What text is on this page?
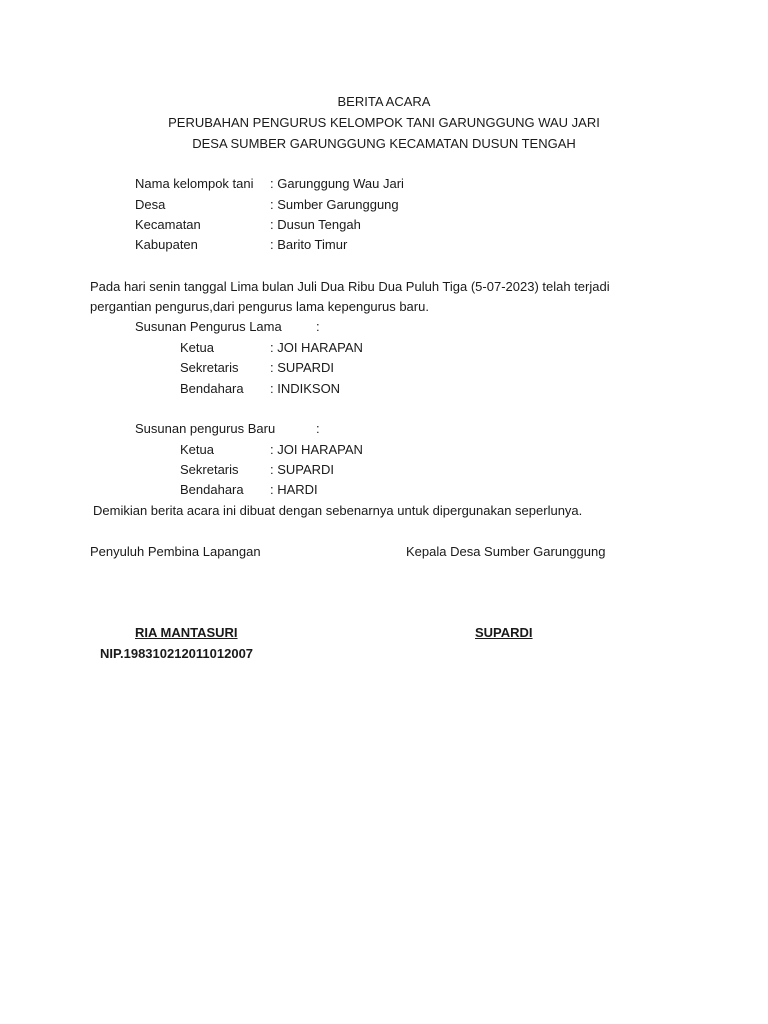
BERITA ACARA
PERUBAHAN PENGURUS KELOMPOK TANI GARUNGGUNG WAU JARI
DESA SUMBER GARUNGGUNG KECAMATAN DUSUN TENGAH
Nama kelompok tani : Garunggung Wau Jari
Desa	: Sumber Garunggung
Kecamatan	: Dusun Tengah
Kabupaten	: Barito Timur
Pada hari senin tanggal Lima bulan Juli Dua Ribu Dua Puluh Tiga (5-07-2023) telah terjadi
pergantian pengurus,dari pengurus lama kepengurus baru.
Susunan Pengurus Lama	:
Ketua	: JOI HARAPAN
Sekretaris : SUPARDI
Bendahara : INDIKSON
Susunan pengurus Baru	:
Ketua	: JOI HARAPAN
Sekretaris : SUPARDI
Bendahara : HARDI
Demikian berita acara ini dibuat dengan sebenarnya untuk dipergunakan seperlunya.
Penyuluh Pembina Lapangan	Kepala Desa Sumber Garunggung
RIA MANTASURI	SUPARDI
NIP.198310212011012007
